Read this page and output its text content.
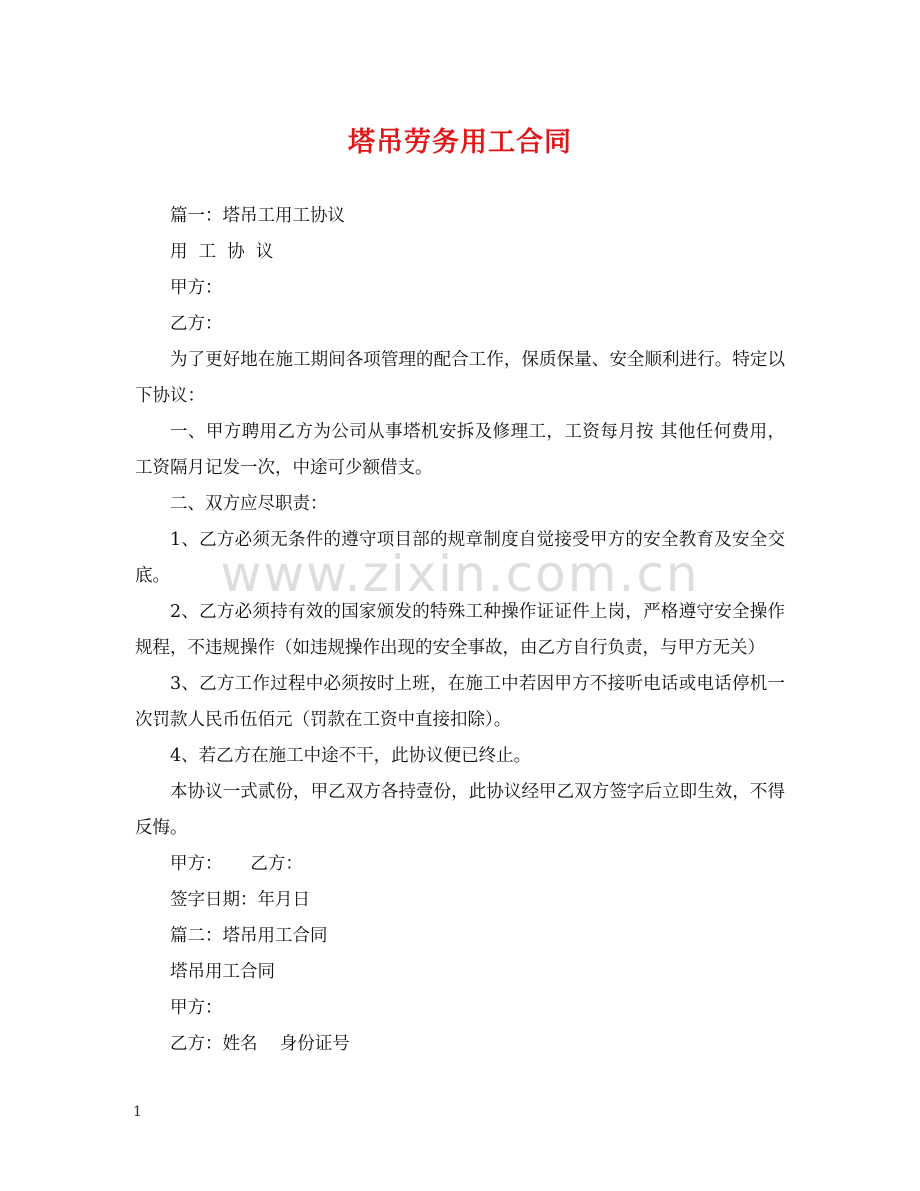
塔吊劳务用工合同

篇一：塔吊工用工协议

用  工  协  议

甲方：

乙方：

为了更好地在施工期间各项管理的配合工作，保质保量、安全顺利进行。特定以下协议：

一、甲方聘用乙方为公司从事塔机安拆及修理工，工资每月按 其他任何费用，工资隔月记发一次，中途可少额借支。

二、双方应尽职责：

1、乙方必须无条件的遵守项目部的规章制度自觉接受甲方的安全教育及安全交底。

2、乙方必须持有效的国家颁发的特殊工种操作证证件上岗，严格遵守安全操作规程，不违规操作（如违规操作出现的安全事故，由乙方自行负责，与甲方无关）

3、乙方工作过程中必须按时上班，在施工中若因甲方不接听电话或电话停机一次罚款人民币伍佰元（罚款在工资中直接扣除）。

4、若乙方在施工中途不干，此协议便已终止。

本协议一式贰份，甲乙双方各持壹份，此协议经甲乙双方签字后立即生效，不得反悔。

甲方：     乙方：

签字日期：年月日

篇二：塔吊用工合同

塔吊用工合同

甲方：

乙方：姓名    身份证号

www.zixin.com.cn
1
